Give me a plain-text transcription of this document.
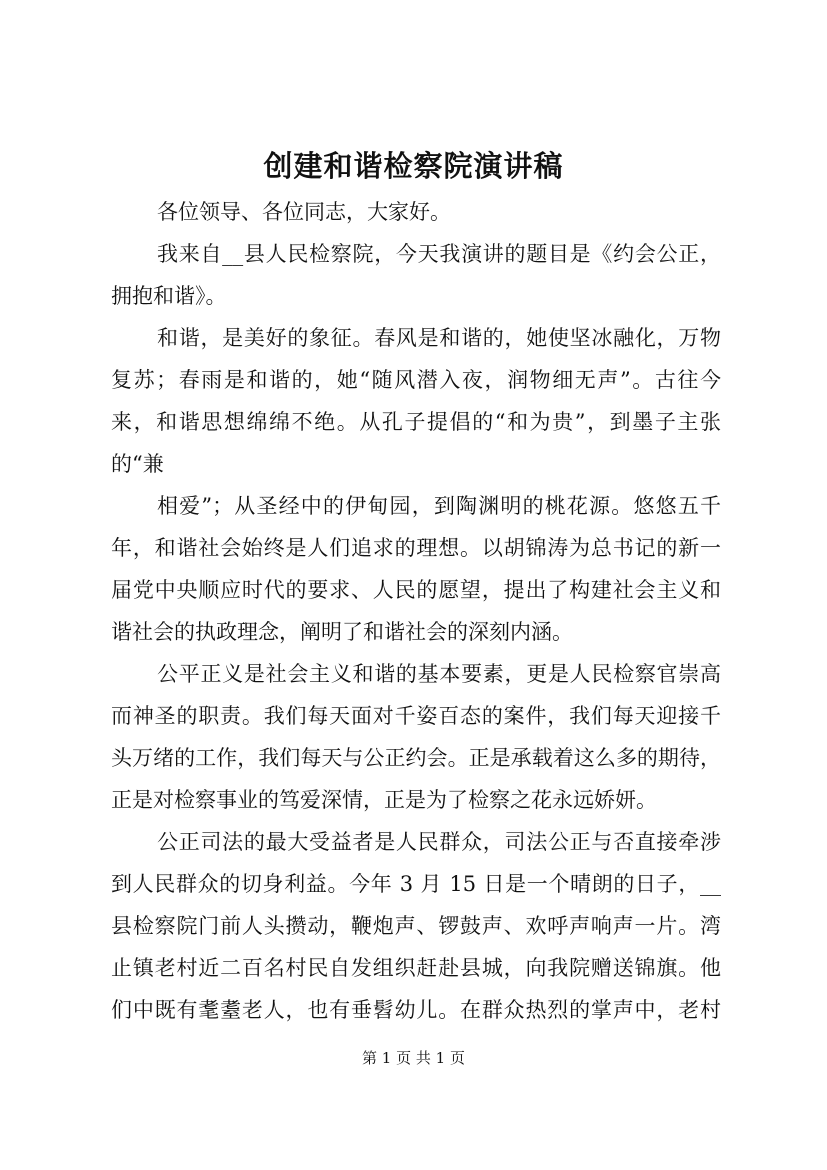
创建和谐检察院演讲稿
各位领导、各位同志，大家好。
我来自__县人民检察院，今天我演讲的题目是《约会公正，
拥抱和谐》。
和谐，是美好的象征。春风是和谐的，她使坚冰融化，万物
复苏；春雨是和谐的，她“随风潜入夜，润物细无声”。古往今
来，和谐思想绵绵不绝。从孔子提倡的“和为贵”，到墨子主张
的“兼
相爱”；从圣经中的伊甸园，到陶渊明的桃花源。悠悠五千
年，和谐社会始终是人们追求的理想。以胡锦涛为总书记的新一
届党中央顺应时代的要求、人民的愿望，提出了构建社会主义和
谐社会的执政理念，阐明了和谐社会的深刻内涵。
公平正义是社会主义和谐的基本要素，更是人民检察官崇高
而神圣的职责。我们每天面对千姿百态的案件，我们每天迎接千
头万绪的工作，我们每天与公正约会。正是承载着这么多的期待，
正是对检察事业的笃爱深情，正是为了检察之花永远娇妍。
公正司法的最大受益者是人民群众，司法公正与否直接牵涉
到人民群众的切身利益。今年 3 月 15 日是一个晴朗的日子，__
县检察院门前人头攒动，鞭炮声、锣鼓声、欢呼声响声一片。湾
止镇老村近二百名村民自发组织赶赴县城，向我院赠送锦旗。他
们中既有耄耋老人，也有垂髫幼儿。在群众热烈的掌声中，老村
第 1 页 共 1 页
